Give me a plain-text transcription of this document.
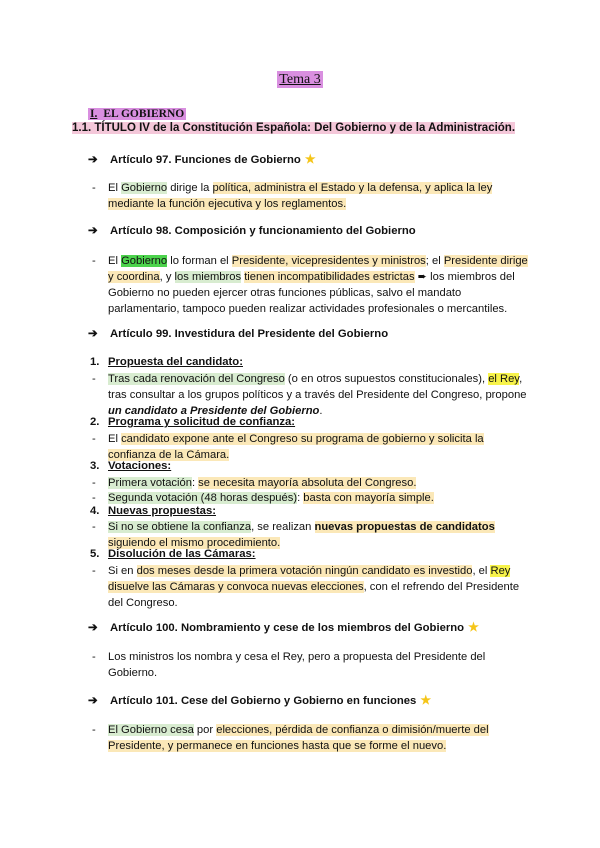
Tema 3
I. EL GOBIERNO
1.1. TÍTULO IV de la Constitución Española: Del Gobierno y de la Administración.
➔ Artículo 97. Funciones de Gobierno ★
- El Gobierno dirige la política, administra el Estado y la defensa, y aplica la ley
mediante la función ejecutiva y los reglamentos.
➔ Artículo 98. Composición y funcionamiento del Gobierno
- El Gobierno lo forman el Presidente, vicepresidentes y ministros; el Presidente dirige
y coordina, y los miembros tienen incompatibilidades estrictas ➨ los miembros del
Gobierno no pueden ejercer otras funciones públicas, salvo el mandato
parlamentario, tampoco pueden realizar actividades profesionales o mercantiles.
➔ Artículo 99. Investidura del Presidente del Gobierno
1. Propuesta del candidato:
- Tras cada renovación del Congreso (o en otros supuestos constitucionales), el Rey,
tras consultar a los grupos políticos y a través del Presidente del Congreso, propone
un candidato a Presidente del Gobierno.
2. Programa y solicitud de confianza:
- El candidato expone ante el Congreso su programa de gobierno y solicita la
confianza de la Cámara.
3. Votaciones:
- Primera votación: se necesita mayoría absoluta del Congreso.
- Segunda votación (48 horas después): basta con mayoría simple.
4. Nuevas propuestas:
- Si no se obtiene la confianza, se realizan nuevas propuestas de candidatos
siguiendo el mismo procedimiento.
5. Disolución de las Cámaras:
- Si en dos meses desde la primera votación ningún candidato es investido, el Rey
disuelve las Cámaras y convoca nuevas elecciones, con el refrendo del Presidente
del Congreso.
➔ Artículo 100. Nombramiento y cese de los miembros del Gobierno ★
- Los ministros los nombra y cesa el Rey, pero a propuesta del Presidente del
Gobierno.
➔ Artículo 101. Cese del Gobierno y Gobierno en funciones ★
- El Gobierno cesa por elecciones, pérdida de confianza o dimisión/muerte del
Presidente, y permanece en funciones hasta que se forme el nuevo.
